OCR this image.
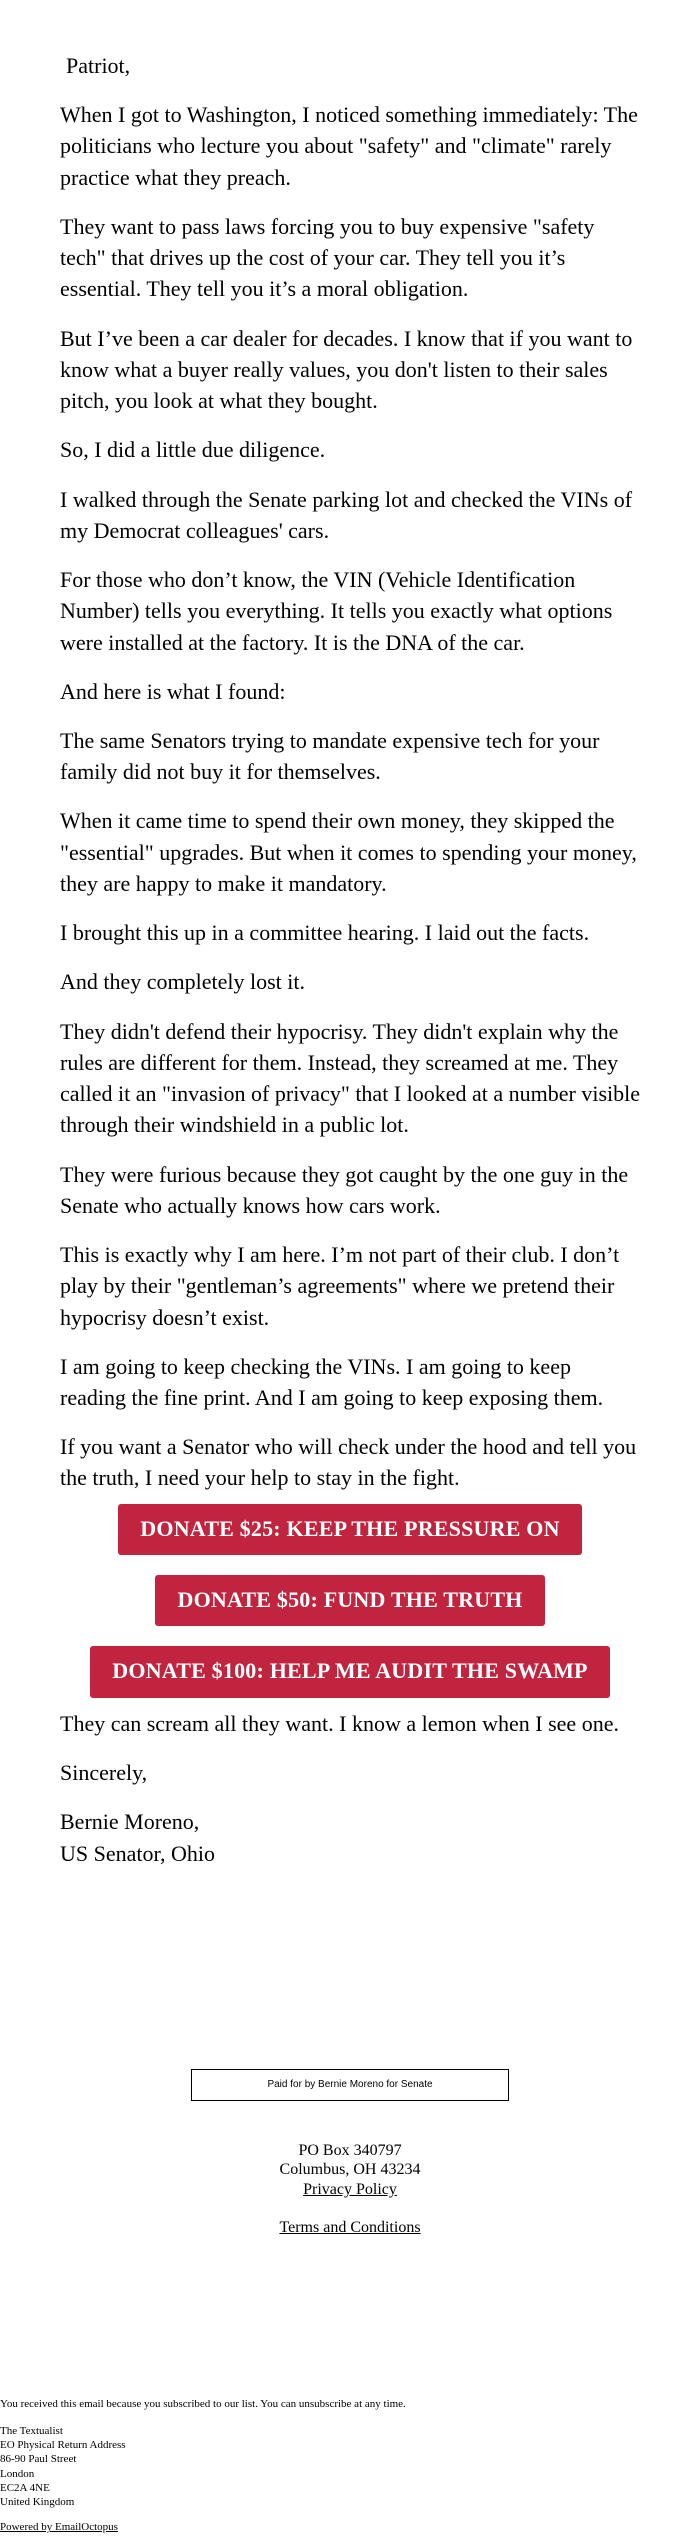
Patriot,

When I got to Washington, I noticed something immediately: The politicians who lecture you about "safety" and "climate" rarely practice what they preach.

They want to pass laws forcing you to buy expensive "safety tech" that drives up the cost of your car. They tell you it’s essential. They tell you it’s a moral obligation.

But I’ve been a car dealer for decades. I know that if you want to know what a buyer really values, you don't listen to their sales pitch, you look at what they bought.

So, I did a little due diligence.

I walked through the Senate parking lot and checked the VINs of my Democrat colleagues' cars.

For those who don’t know, the VIN (Vehicle Identification Number) tells you everything. It tells you exactly what options were installed at the factory. It is the DNA of the car.

And here is what I found:

The same Senators trying to mandate expensive tech for your family did not buy it for themselves.

When it came time to spend their own money, they skipped the "essential" upgrades. But when it comes to spending your money, they are happy to make it mandatory.

I brought this up in a committee hearing. I laid out the facts.

And they completely lost it.

They didn't defend their hypocrisy. They didn't explain why the rules are different for them. Instead, they screamed at me. They called it an "invasion of privacy" that I looked at a number visible through their windshield in a public lot.

They were furious because they got caught by the one guy in the Senate who actually knows how cars work.

This is exactly why I am here. I’m not part of their club. I don’t play by their "gentleman’s agreements" where we pretend their hypocrisy doesn’t exist.

I am going to keep checking the VINs. I am going to keep reading the fine print. And I am going to keep exposing them.

If you want a Senator who will check under the hood and tell you the truth, I need your help to stay in the fight.

DONATE $25: KEEP THE PRESSURE ON
DONATE $50: FUND THE TRUTH
DONATE $100: HELP ME AUDIT THE SWAMP

They can scream all they want. I know a lemon when I see one.

Sincerely,

Bernie Moreno,
US Senator, Ohio

Paid for by Bernie Moreno for Senate
PO Box 340797
Columbus, OH 43234
Privacy Policy
Terms and Conditions
You received this email because you subscribed to our list. You can unsubscribe at any time.
The Textualist
EO Physical Return Address
86-90 Paul Street
London
EC2A 4NE
United Kingdom
Powered by EmailOctopus
